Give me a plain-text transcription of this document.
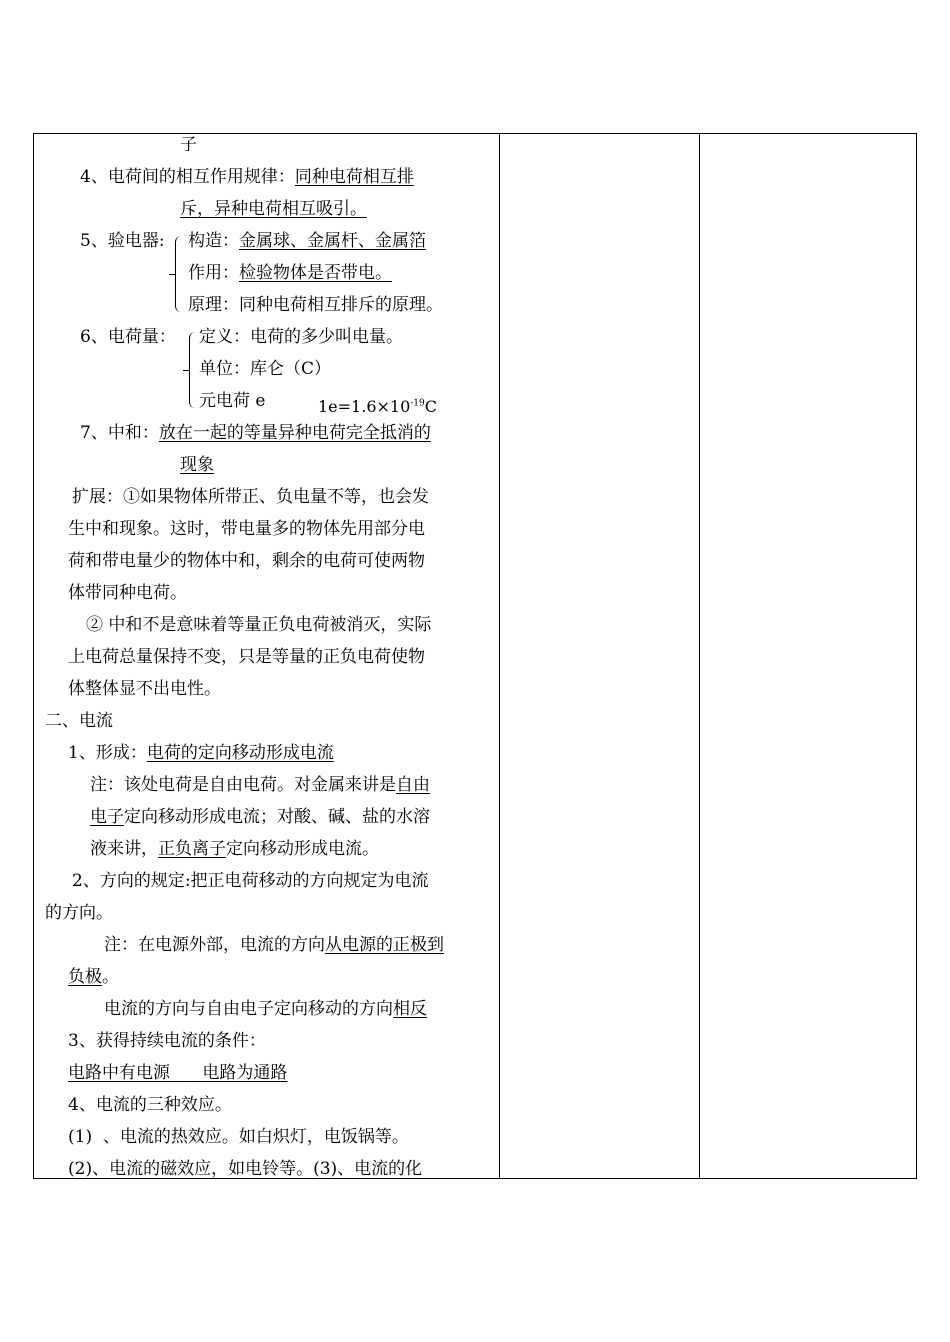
子
4、电荷间的相互作用规律：同种电荷相互排
斥，异种电荷相互吸引。
5、验电器: 构造：金属球、金属杆、金属箔
作用：检验物体是否带电。
原理：同种电荷相互排斥的原理。
6、电荷量： 定义：电荷的多少叫电量。
单位：库仑（C）
元电荷 e	$1e=1.6\times 10^{-19}C$
7、中和：放在一起的等量异种电荷完全抵消的
现象
扩展：①如果物体所带正、负电量不等，也会发
生中和现象。这时，带电量多的物体先用部分电
荷和带电量少的物体中和，剩余的电荷可使两物
体带同种电荷。
② 中和不是意味着等量正负电荷被消灭，实际
上电荷总量保持不变，只是等量的正负电荷使物
体整体显不出电性。
二、电流
1、形成：电荷的定向移动形成电流
注：该处电荷是自由电荷。对金属来讲是自由
电子定向移动形成电流；对酸、碱、盐的水溶
液来讲，正负离子定向移动形成电流。
2、方向的规定:把正电荷移动的方向规定为电流
的方向。
注：在电源外部，电流的方向从电源的正极到
负极。
电流的方向与自由电子定向移动的方向相反
3、获得持续电流的条件：
电路中有电源      电路为通路
4、电流的三种效应。
(1)  、电流的热效应。如白炽灯，电饭锅等。
(2)、电流的磁效应，如电铃等。(3)、电流的化
